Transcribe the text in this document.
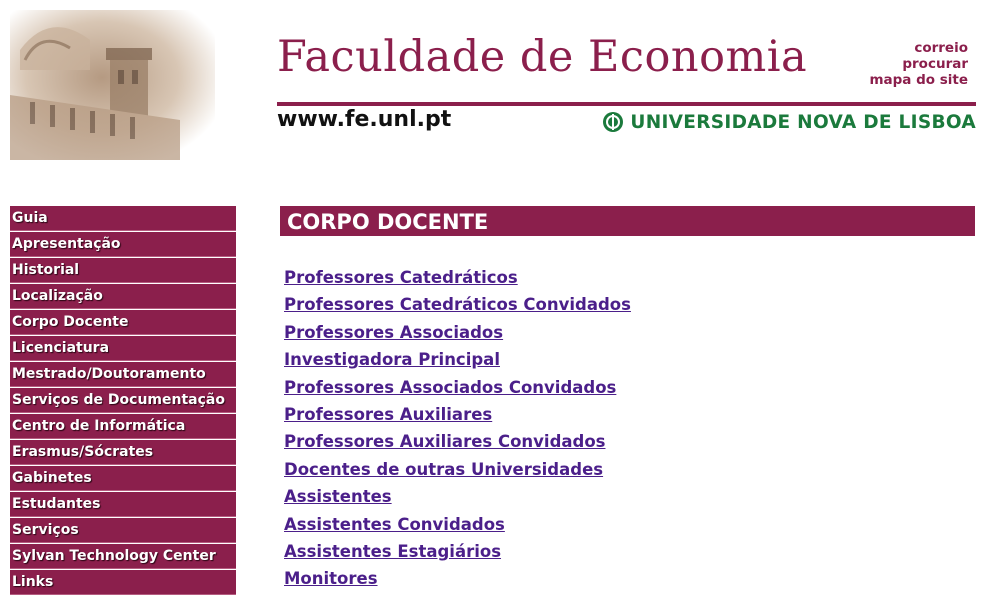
Faculdade de Economia	correio
procurar
mapa do site
www.fe.unl.pt	UNIVERSIDADE NOVA DE LISBOA
Guia
Apresentação
Historial
Localização
Corpo Docente
Licenciatura
Mestrado/Doutoramento
Serviços de Documentação
Centro de Informática
Erasmus/Sócrates
Gabinetes
Estudantes
Serviços
Sylvan Technology Center
Links
CORPO DOCENTE
Professores Catedráticos
Professores Catedráticos Convidados
Professores Associados
Investigadora Principal
Professores Associados Convidados
Professores Auxiliares
Professores Auxiliares Convidados
Docentes de outras Universidades
Assistentes
Assistentes Convidados
Assistentes Estagiários
Monitores
